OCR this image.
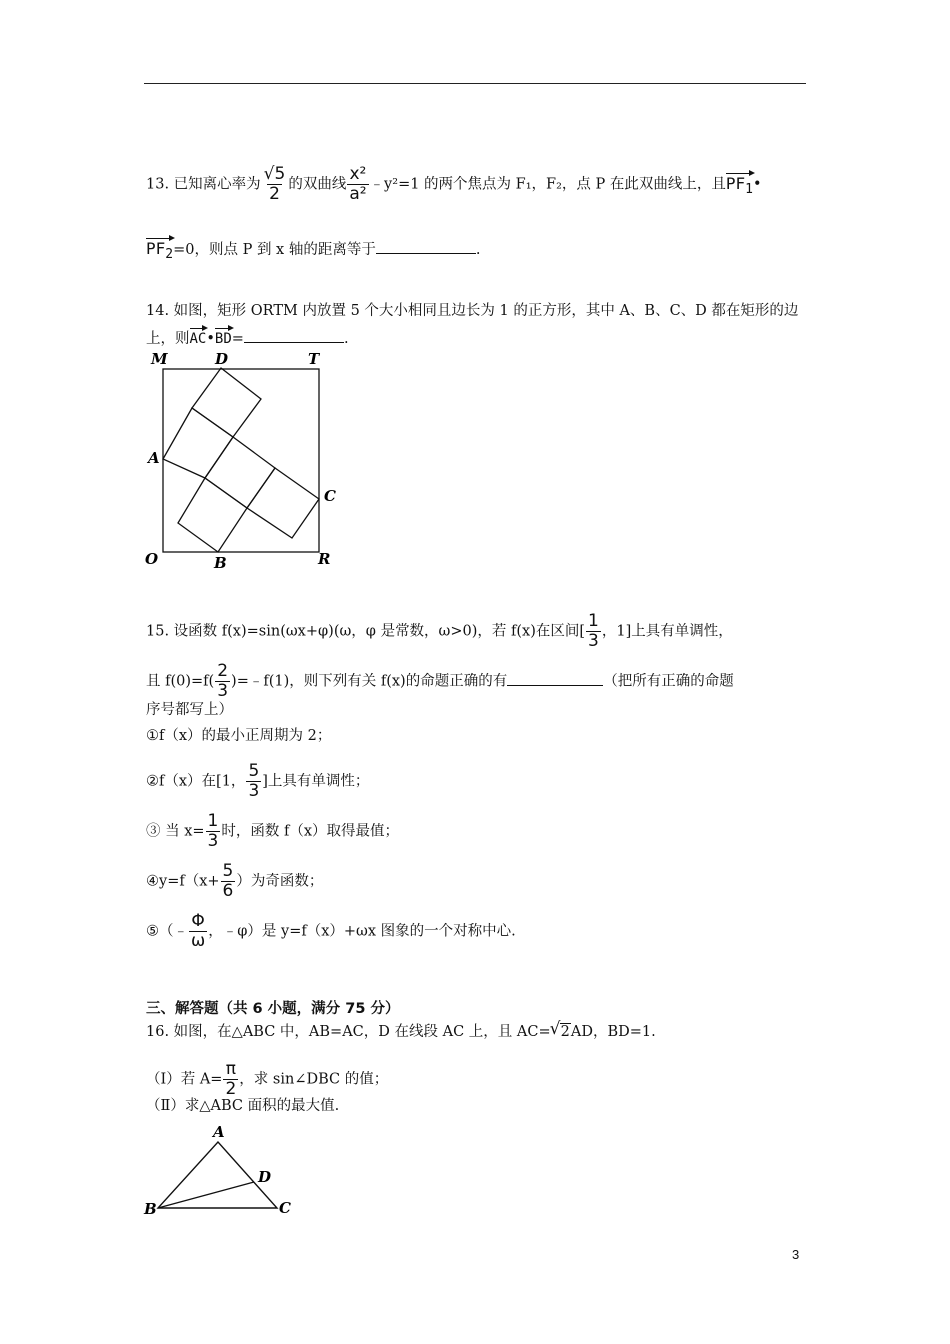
13. 已知离心率为 $\frac{√5}{2}$ 的双曲线 $\frac{\text{x²}}{\text{a²}}$ ﹣y²=1 的两个焦点为 F₁，F₂，点 P 在此双曲线上，且$PF_1•$
$PF_2=0$，则点 P 到 x 轴的距离等于	.
14. 如图，矩形 ORTM 内放置 5 个大小相同且边长为 1 的正方形，其中 A、B、C、D 都在矩形的边
上，则AC•BD=	.
M	D	T
A
C
O	B	R
15. 设函数 f(x)=sin(ωx+φ)(ω，φ 是常数，ω>0)，若 f(x)在区间[ $\frac{1}{3}$ ，1]上具有单调性，
且 $f(0)=f( \frac{2}{3}$ )=﹣f(1)，则下列有关 f(x)的命题正确的有	（把所有正确的命题
序号都写上）
①f（x）的最小正周期为 2；
②f（x）在[1， $\frac{5}{3}$ ]上具有单调性；
③ 当 $x= \frac{1}{3}$ 时，函数 f（x）取得最值；
④y=f（x+ $\frac{5}{6}$ ）为奇函数；
⑤（﹣ $\frac{\Phi}{\omega}$ ，﹣φ）是 y=f（x）+ωx 图象的一个对称中心.
三、解答题（共 6 小题，满分 75 分）
16. 如图，在△ABC 中，AB=AC，D 在线段 AC 上，且 AC= √ 2AD，BD=1.
（Ⅰ）若 $A= \frac{\pi}{2}$ ，求 sin∠DBC 的值；
（Ⅱ）求△ABC 面积的最大值.
A
D
B	C
3
